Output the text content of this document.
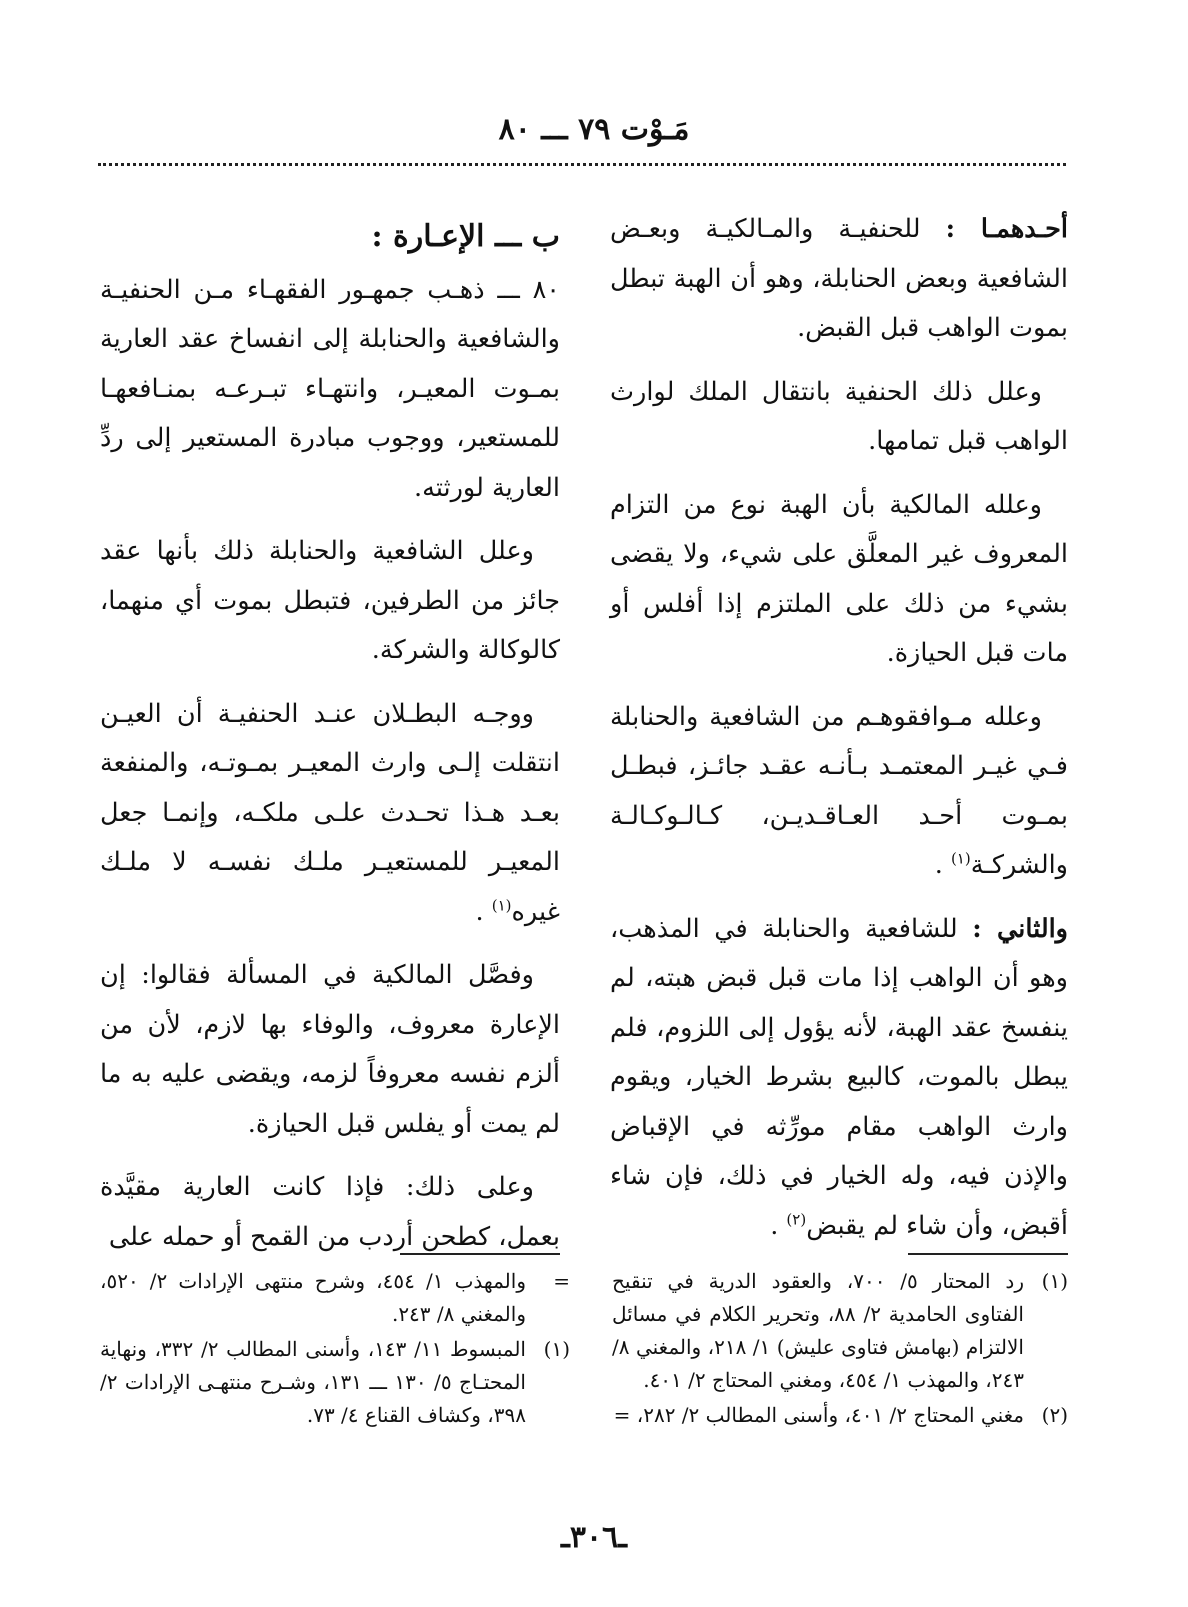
مَـوْت ٧٩ ـــ ٨٠

أحـدهمـا : للحنفيـة والمـالكيـة وبعـض الشافعية وبعض الحنابلة، وهو أن الهبة تبطل بموت الواهب قبل القبض.

وعلل ذلك الحنفية بانتقال الملك لوارث الواهب قبل تمامها.

وعلله المالكية بأن الهبة نوع من التزام المعروف غير المعلَّق على شيء، ولا يقضى بشيء من ذلك على الملتزم إذا أفلس أو مات قبل الحيازة.

وعلله مـوافقوهـم من الشافعية والحنابلة فـي غيـر المعتمـد بـأنـه عقـد جائـز، فبطـل بمـوت أحـد العـاقـديـن، كـالـوكـالـة والشركـة$^{(١)}$ .

والثاني : للشافعية والحنابلة في المذهب، وهو أن الواهب إذا مات قبل قبض هبته، لم ينفسخ عقد الهبة، لأنه يؤول إلى اللزوم، فلم يبطل بالموت، كالبيع بشرط الخيار، ويقوم وارث الواهب مقام مورِّثه في الإقباض والإذن فيه، وله الخيار في ذلك، فإن شاء أقبض، وأن شاء لم يقبض$^{(٢)}$ .

ب ـــ الإعـارة :

٨٠ ـــ ذهـب جمهـور الفقهـاء مـن الحنفيـة والشافعية والحنابلة إلى انفساخ عقد العارية بمـوت المعيـر، وانتهـاء تبـرعـه بمنـافعهـا للمستعير، ووجوب مبادرة المستعير إلى ردِّ العارية لورثته.

وعلل الشافعية والحنابلة ذلك بأنها عقد جائز من الطرفين، فتبطل بموت أي منهما، كالوكالة والشركة.

ووجـه البطـلان عنـد الحنفيـة أن العيـن انتقلت إلـى وارث المعيـر بمـوتـه، والمنفعة بعـد هـذا تحـدث علـى ملكـه، وإنمـا جعل المعيـر للمستعيـر ملـك نفسـه لا ملـك غيره$^{(١)}$ .

وفصَّل المالكية في المسألة فقالوا: إن الإعارة معروف، والوفاء بها لازم، لأن من ألزم نفسه معروفاً لزمه، ويقضى عليه به ما لم يمت أو يفلس قبل الحيازة.

وعلى ذلك: فإذا كانت العارية مقيَّدة بعمل، كطحن أردب من القمح أو حمله على

(١)
رد المحتار ٥/ ٧٠٠، والعقود الدرية في تنقيح الفتاوى الحامدية ٢/ ٨٨، وتحرير الكلام في مسائل الالتزام (بهامش فتاوى عليش) ١/ ٢١٨، والمغني ٨/ ٢٤٣، والمهذب ١/ ٤٥٤، ومغني المحتاج ٢/ ٤٠١.
(٢)
مغني المحتاج ٢/ ٤٠١، وأسنى المطالب ٢/ ٢٨٢، =
=
والمهذب ١/ ٤٥٤، وشرح منتهى الإرادات ٢/ ٥٢٠، والمغني ٨/ ٢٤٣.
(١)
المبسوط ١١/ ١٤٣، وأسنى المطالب ٢/ ٣٣٢، ونهاية المحتـاج ٥/ ١٣٠ ـــ ١٣١، وشـرح منتهـى الإرادات ٢/ ٣٩٨، وكشاف القناع ٤/ ٧٣.
ـ٣٠٦ـ
